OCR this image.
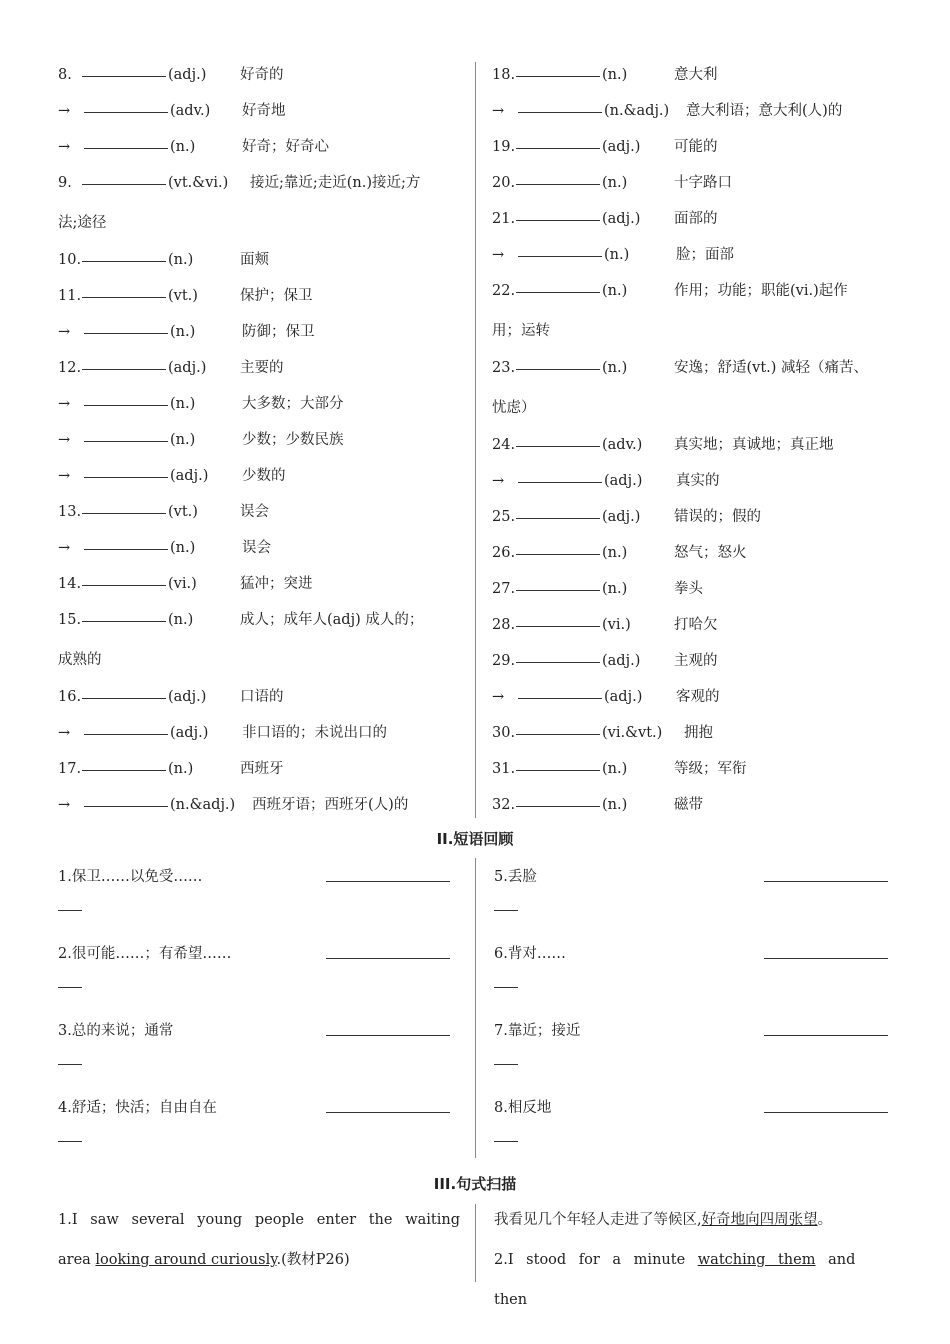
8.	(adj.) 好奇的
→	(adv.) 好奇地
→	(n.)	好奇；好奇心
9.	(vt.&vi.) 接近;靠近;走近(n.)接近;方
法;途径
10.	(n.)	面颊
11.	(vt.)	保护；保卫
→	(n.)	防御；保卫
12.	(adj.) 主要的
→	(n.)	大多数；大部分
→	(n.)	少数；少数民族
→	(adj.) 少数的
13.	(vt.)	误会
→	(n.)	误会
14.	(vi.)	猛冲；突进
15.	(n.)	成人；成年人(adj) 成人的；
成熟的
16.	(adj.) 口语的
→	(adj.) 非口语的；未说出口的
17.	(n.)	西班牙
→	(n.&adj.) 西班牙语；西班牙(人)的
18.	(n.)	意大利
→	(n.&adj.) 意大利语；意大利(人)的
19.	(adj.) 可能的
20.	(n.)	十字路口
21.	(adj.) 面部的
→	(n.)	脸；面部
22.	(n.)	作用；功能；职能(vi.)起作
用；运转
23.	(n.)	安逸；舒适(vt.) 减轻（痛苦、
忧虑）
24.	(adv.) 真实地；真诚地；真正地
→	(adj.) 真实的
25.	(adj.) 错误的；假的
26.	(n.)	怒气；怒火
27.	(n.)	拳头
28.	(vi.)	打哈欠
29.	(adj.) 主观的
→	(adj.) 客观的
30.	(vi.&vt.) 拥抱
31.	(n.)	等级；军衔
32.	(n.)	磁带
II.短语回顾
1.保卫……以免受……
2.很可能……；有希望……
3.总的来说；通常
4.舒适；快活；自由自在
5.丢脸
6.背对……
7.靠近；接近
8.相反地
III.句式扫描
1.I saw several young people enter the waiting
area looking around curiously.(教材P26)
我看见几个年轻人走进了等候区,好奇地向四周张望。
2.I stood for a minute watching them and then
